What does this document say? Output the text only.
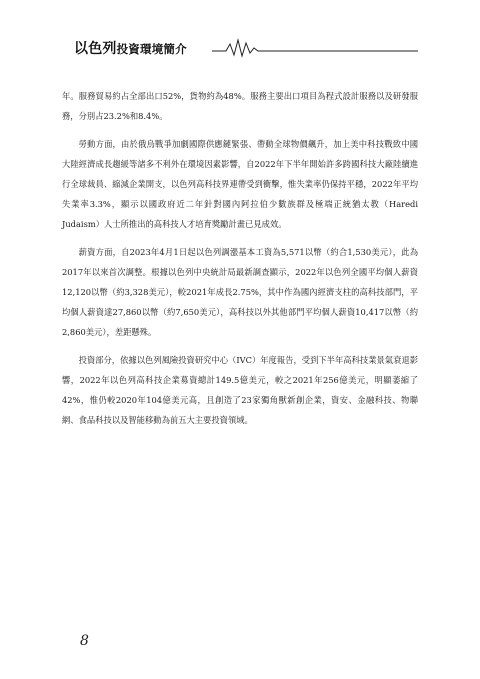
以色列投資環境簡介

年。服務貿易約占全部出口52%，貨物約為48%。服務主要出口項目為程式設計服務以及研發服務，分別占23.2%和8.4%。

勞動方面，由於俄烏戰爭加劇國際供應鏈緊張、帶動全球物價飆升，加上美中科技戰致中國大陸經濟成長趨緩等諸多不利外在環境因素影響，自2022年下半年開始許多跨國科技大廠陸續進行全球裁員、縮減企業開支，以色列高科技界連帶受到衝擊，惟失業率仍保持平穩，2022年平均失業率3.3%，顯示以國政府近二年針對國內阿拉伯少數族群及極端正統猶太教（Haredi Judaism）人士所推出的高科技人才培育獎勵計畫已見成效。

薪資方面，自2023年4月1日起以色列調漲基本工資為5,571以幣（約合1,530美元），此為2017年以來首次調整。根據以色列中央統計局最新調查顯示，2022年以色列全國平均個人薪資12,120以幣（約3,328美元），較2021年成長2.75%，其中作為國內經濟支柱的高科技部門，平均個人薪資達27,860以幣（約7,650美元），高科技以外其他部門平均個人薪資10,417以幣（約2,860美元），差距懸殊。

投資部分，依據以色列風險投資研究中心（IVC）年度報告，受到下半年高科技業景氣衰退影響，2022年以色列高科技企業募資總計149.5億美元，較之2021年256億美元，明顯萎縮了42%，惟仍較2020年104億美元高，且創造了23家獨角獸新創企業，資安、金融科技、物聯網、食品科技以及智能移動為前五大主要投資領域。

8
